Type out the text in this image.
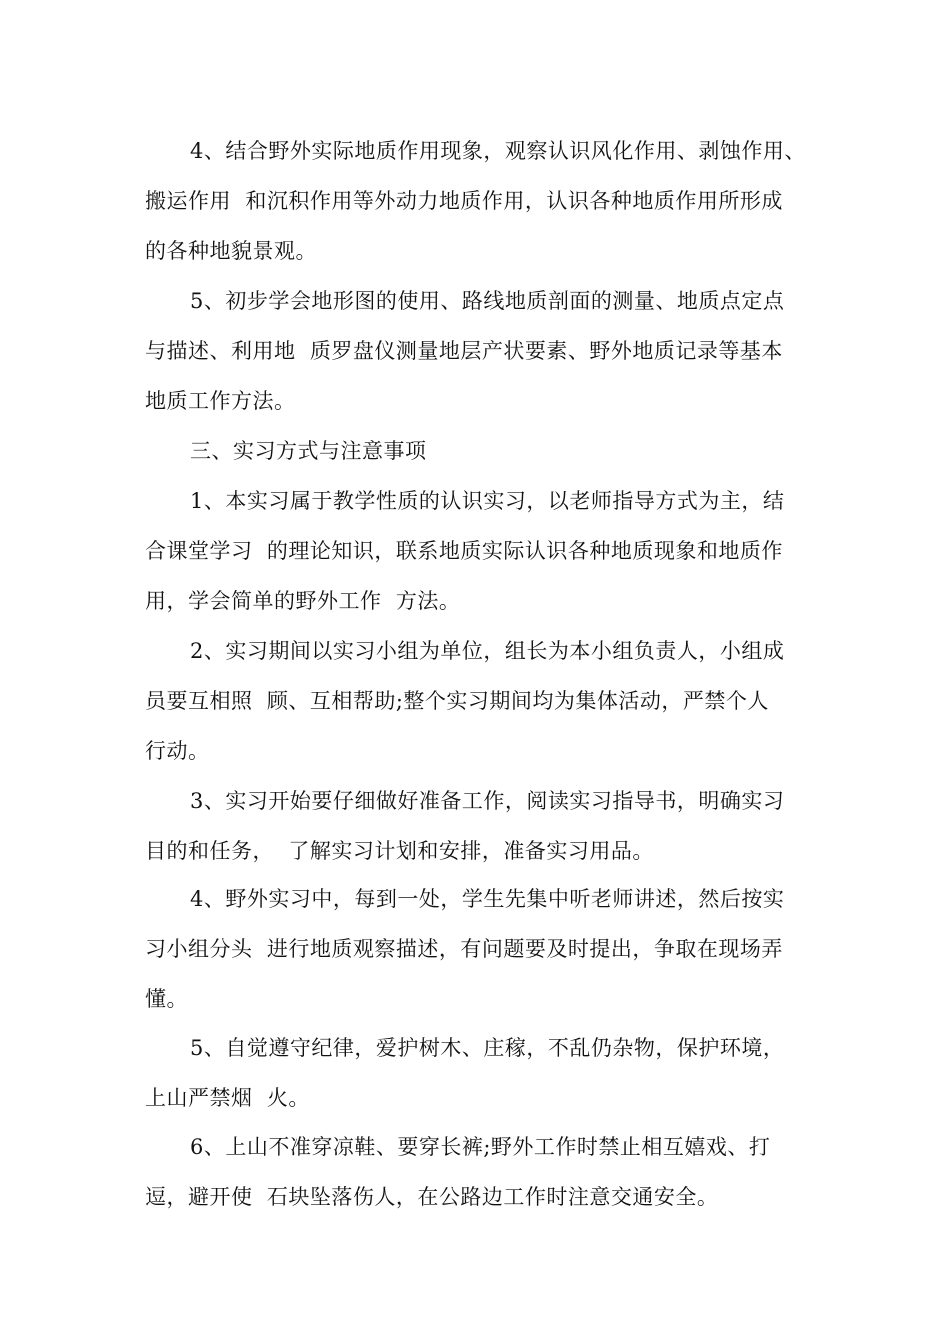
4、结合野外实际地质作用现象，观察认识风化作用、剥蚀作用、
搬运作用  和沉积作用等外动力地质作用，认识各种地质作用所形成
的各种地貌景观。
5、初步学会地形图的使用、路线地质剖面的测量、地质点定点
与描述、利用地  质罗盘仪测量地层产状要素、野外地质记录等基本
地质工作方法。
三、实习方式与注意事项
1、本实习属于教学性质的认识实习，以老师指导方式为主，结
合课堂学习  的理论知识，联系地质实际认识各种地质现象和地质作
用，学会简单的野外工作  方法。
2、实习期间以实习小组为单位，组长为本小组负责人，小组成
员要互相照  顾、互相帮助;整个实习期间均为集体活动，严禁个人
行动。
3、实习开始要仔细做好准备工作，阅读实习指导书，明确实习
目的和任务，  了解实习计划和安排，准备实习用品。
4、野外实习中，每到一处，学生先集中听老师讲述，然后按实
习小组分头  进行地质观察描述，有问题要及时提出，争取在现场弄
懂。
5、自觉遵守纪律，爱护树木、庄稼，不乱仍杂物，保护环境，
上山严禁烟  火。
6、上山不准穿凉鞋、要穿长裤;野外工作时禁止相互嬉戏、打
逗，避开使  石块坠落伤人，在公路边工作时注意交通安全。
